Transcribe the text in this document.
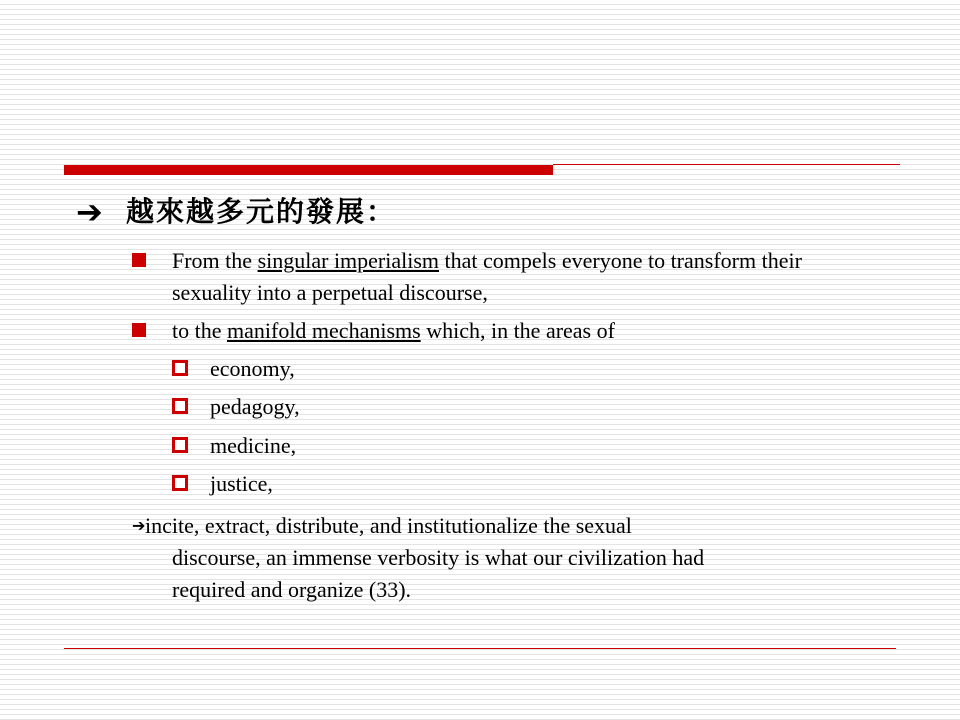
➔ 越來越多元的發展：
From the singular imperialism that compels everyone to transform their sexuality into a perpetual discourse,
to the manifold mechanisms which, in the areas of
economy,
pedagogy,
medicine,
justice,
➔ incite, extract, distribute, and institutionalize the sexual
discourse, an immense verbosity is what our civilization had
required and organize (33).
